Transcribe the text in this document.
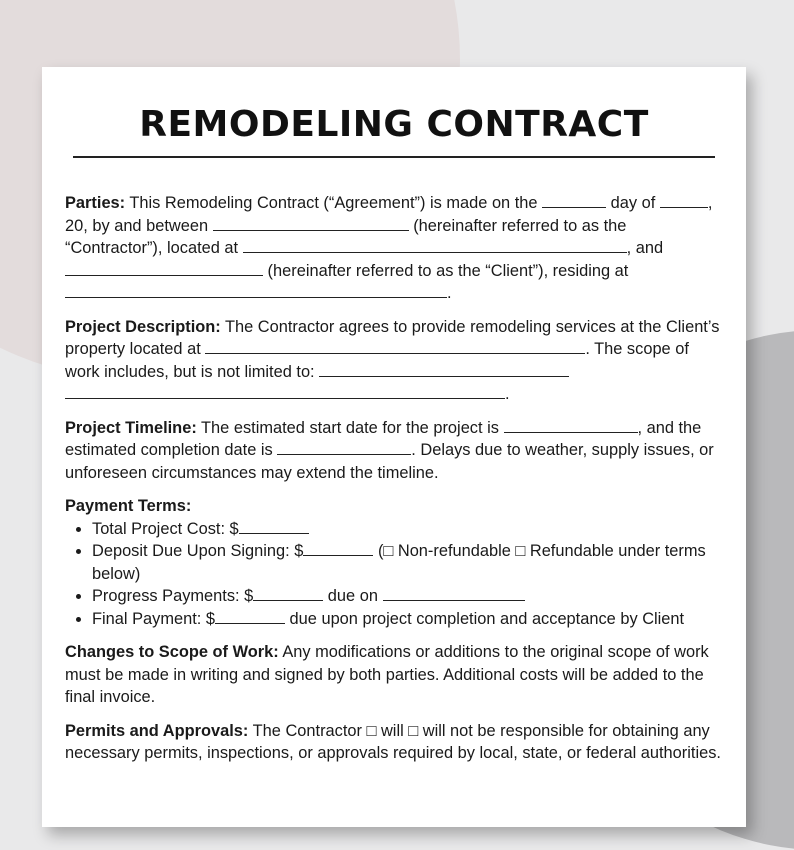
REMODELING CONTRACT

Parties: This Remodeling Contract (“Agreement”) is made on the	day of	, 20, by and between	(hereinafter referred to as the “Contractor”), located at	, and  (hereinafter referred to as the “Client”), residing at .

Project Description: The Contractor agrees to provide remodeling services at the Client’s property located at	. The scope of work includes, but is not limited to: .

Project Timeline: The estimated start date for the project is	, and the estimated completion date is	. Delays due to weather, supply issues, or unforeseen circumstances may extend the timeline.

Payment Terms:
• Total Project Cost: $
• Deposit Due Upon Signing: $	(□ Non-refundable □ Refundable under terms below)
• Progress Payments: $	due on
• Final Payment: $	due upon project completion and acceptance by Client

Changes to Scope of Work: Any modifications or additions to the original scope of work must be made in writing and signed by both parties. Additional costs will be added to the final invoice.

Permits and Approvals: The Contractor □ will □ will not be responsible for obtaining any necessary permits, inspections, or approvals required by local, state, or federal authorities.
